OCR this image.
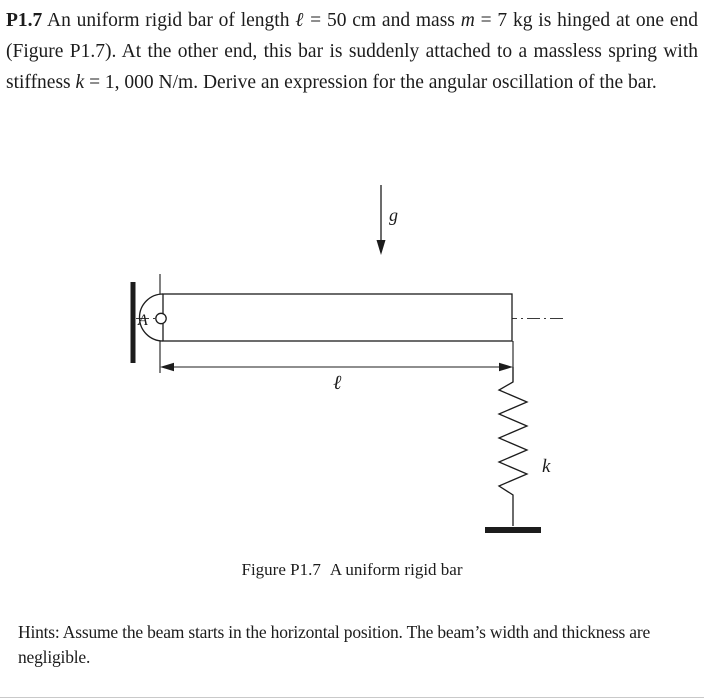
P1.7 An uniform rigid bar of length ℓ = 50 cm and mass m = 7 kg is hinged at one end (Figure P1.7). At the other end, this bar is suddenly attached to a massless spring with stiffness k = 1, 000 N/m. Derive an expression for the angular oscillation of the bar.

g
A
ℓ
k
Figure P1.7 A uniform rigid bar

Hints: Assume the beam starts in the horizontal position. The beam’s width and thickness are negligible.
